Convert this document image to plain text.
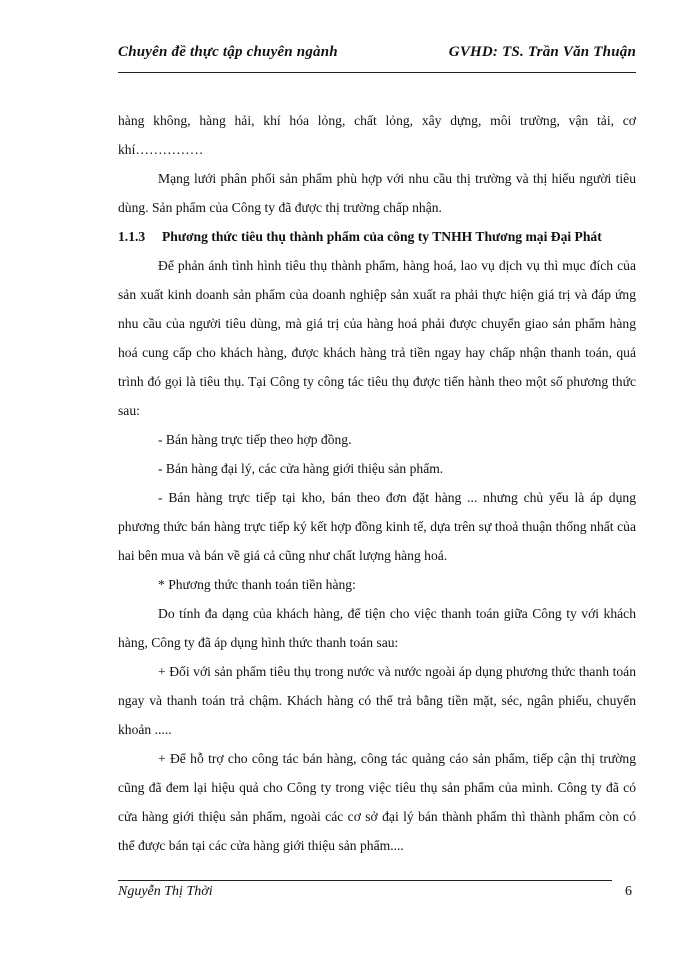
Chuyên đề thực tập chuyên ngành	GVHD: TS. Trần Văn Thuận

hàng không, hàng hải, khí hóa lỏng, chất lỏng, xây dựng, môi trường, vận tải, cơ khí……………

Mạng lưới phân phối sản phẩm phù hợp với nhu cầu thị trường và thị hiếu người tiêu dùng. Sản phẩm của Công ty đã được thị trường chấp nhận.

1.1.3	Phương thức tiêu thụ thành phẩm của công ty TNHH Thương mại Đại Phát

Để phản ánh tình hình tiêu thụ thành phẩm, hàng hoá, lao vụ dịch vụ thì mục đích của sản xuất kinh doanh sản phẩm của doanh nghiệp sản xuất ra phải thực hiện giá trị và đáp ứng nhu cầu của người tiêu dùng, mà giá trị của hàng hoá phải được chuyển giao sản phẩm hàng hoá cung cấp cho khách hàng, được khách hàng trả tiền ngay hay chấp nhận thanh toán, quá trình đó gọi là tiêu thụ. Tại Công ty công tác tiêu thụ được tiến hành theo một số phương thức sau:

- Bán hàng trực tiếp theo hợp đồng.

- Bán hàng đại lý, các cửa hàng giới thiệu sản phẩm.

- Bán hàng trực tiếp tại kho, bán theo đơn đặt hàng ... nhưng chủ yếu là áp dụng phương thức bán hàng trực tiếp ký kết hợp đồng kinh tế, dựa trên sự thoả thuận thống nhất của hai bên mua và bán về giá cả cũng như chất lượng hàng hoá.

* Phương thức thanh toán tiền hàng:

Do tính đa dạng của khách hàng, để tiện cho việc thanh toán giữa Công ty với khách hàng, Công ty đã áp dụng hình thức thanh toán sau:

+ Đối với sản phẩm tiêu thụ trong nước và nước ngoài áp dụng phương thức thanh toán ngay và thanh toán trả chậm. Khách hàng có thể trả bằng tiền mặt, séc, ngân phiếu, chuyển khoản .....

+ Để hỗ trợ cho công tác bán hàng, công tác quảng cáo sản phẩm, tiếp cận thị trường cũng đã đem lại hiệu quả cho Công ty trong việc tiêu thụ sản phẩm của mình. Công ty đã có cửa hàng giới thiệu sản phẩm, ngoài các cơ sở đại lý bán thành phẩm thì thành phẩm còn có thể được bán tại các cửa hàng giới thiệu sản phẩm....

Nguyễn Thị Thời	6
